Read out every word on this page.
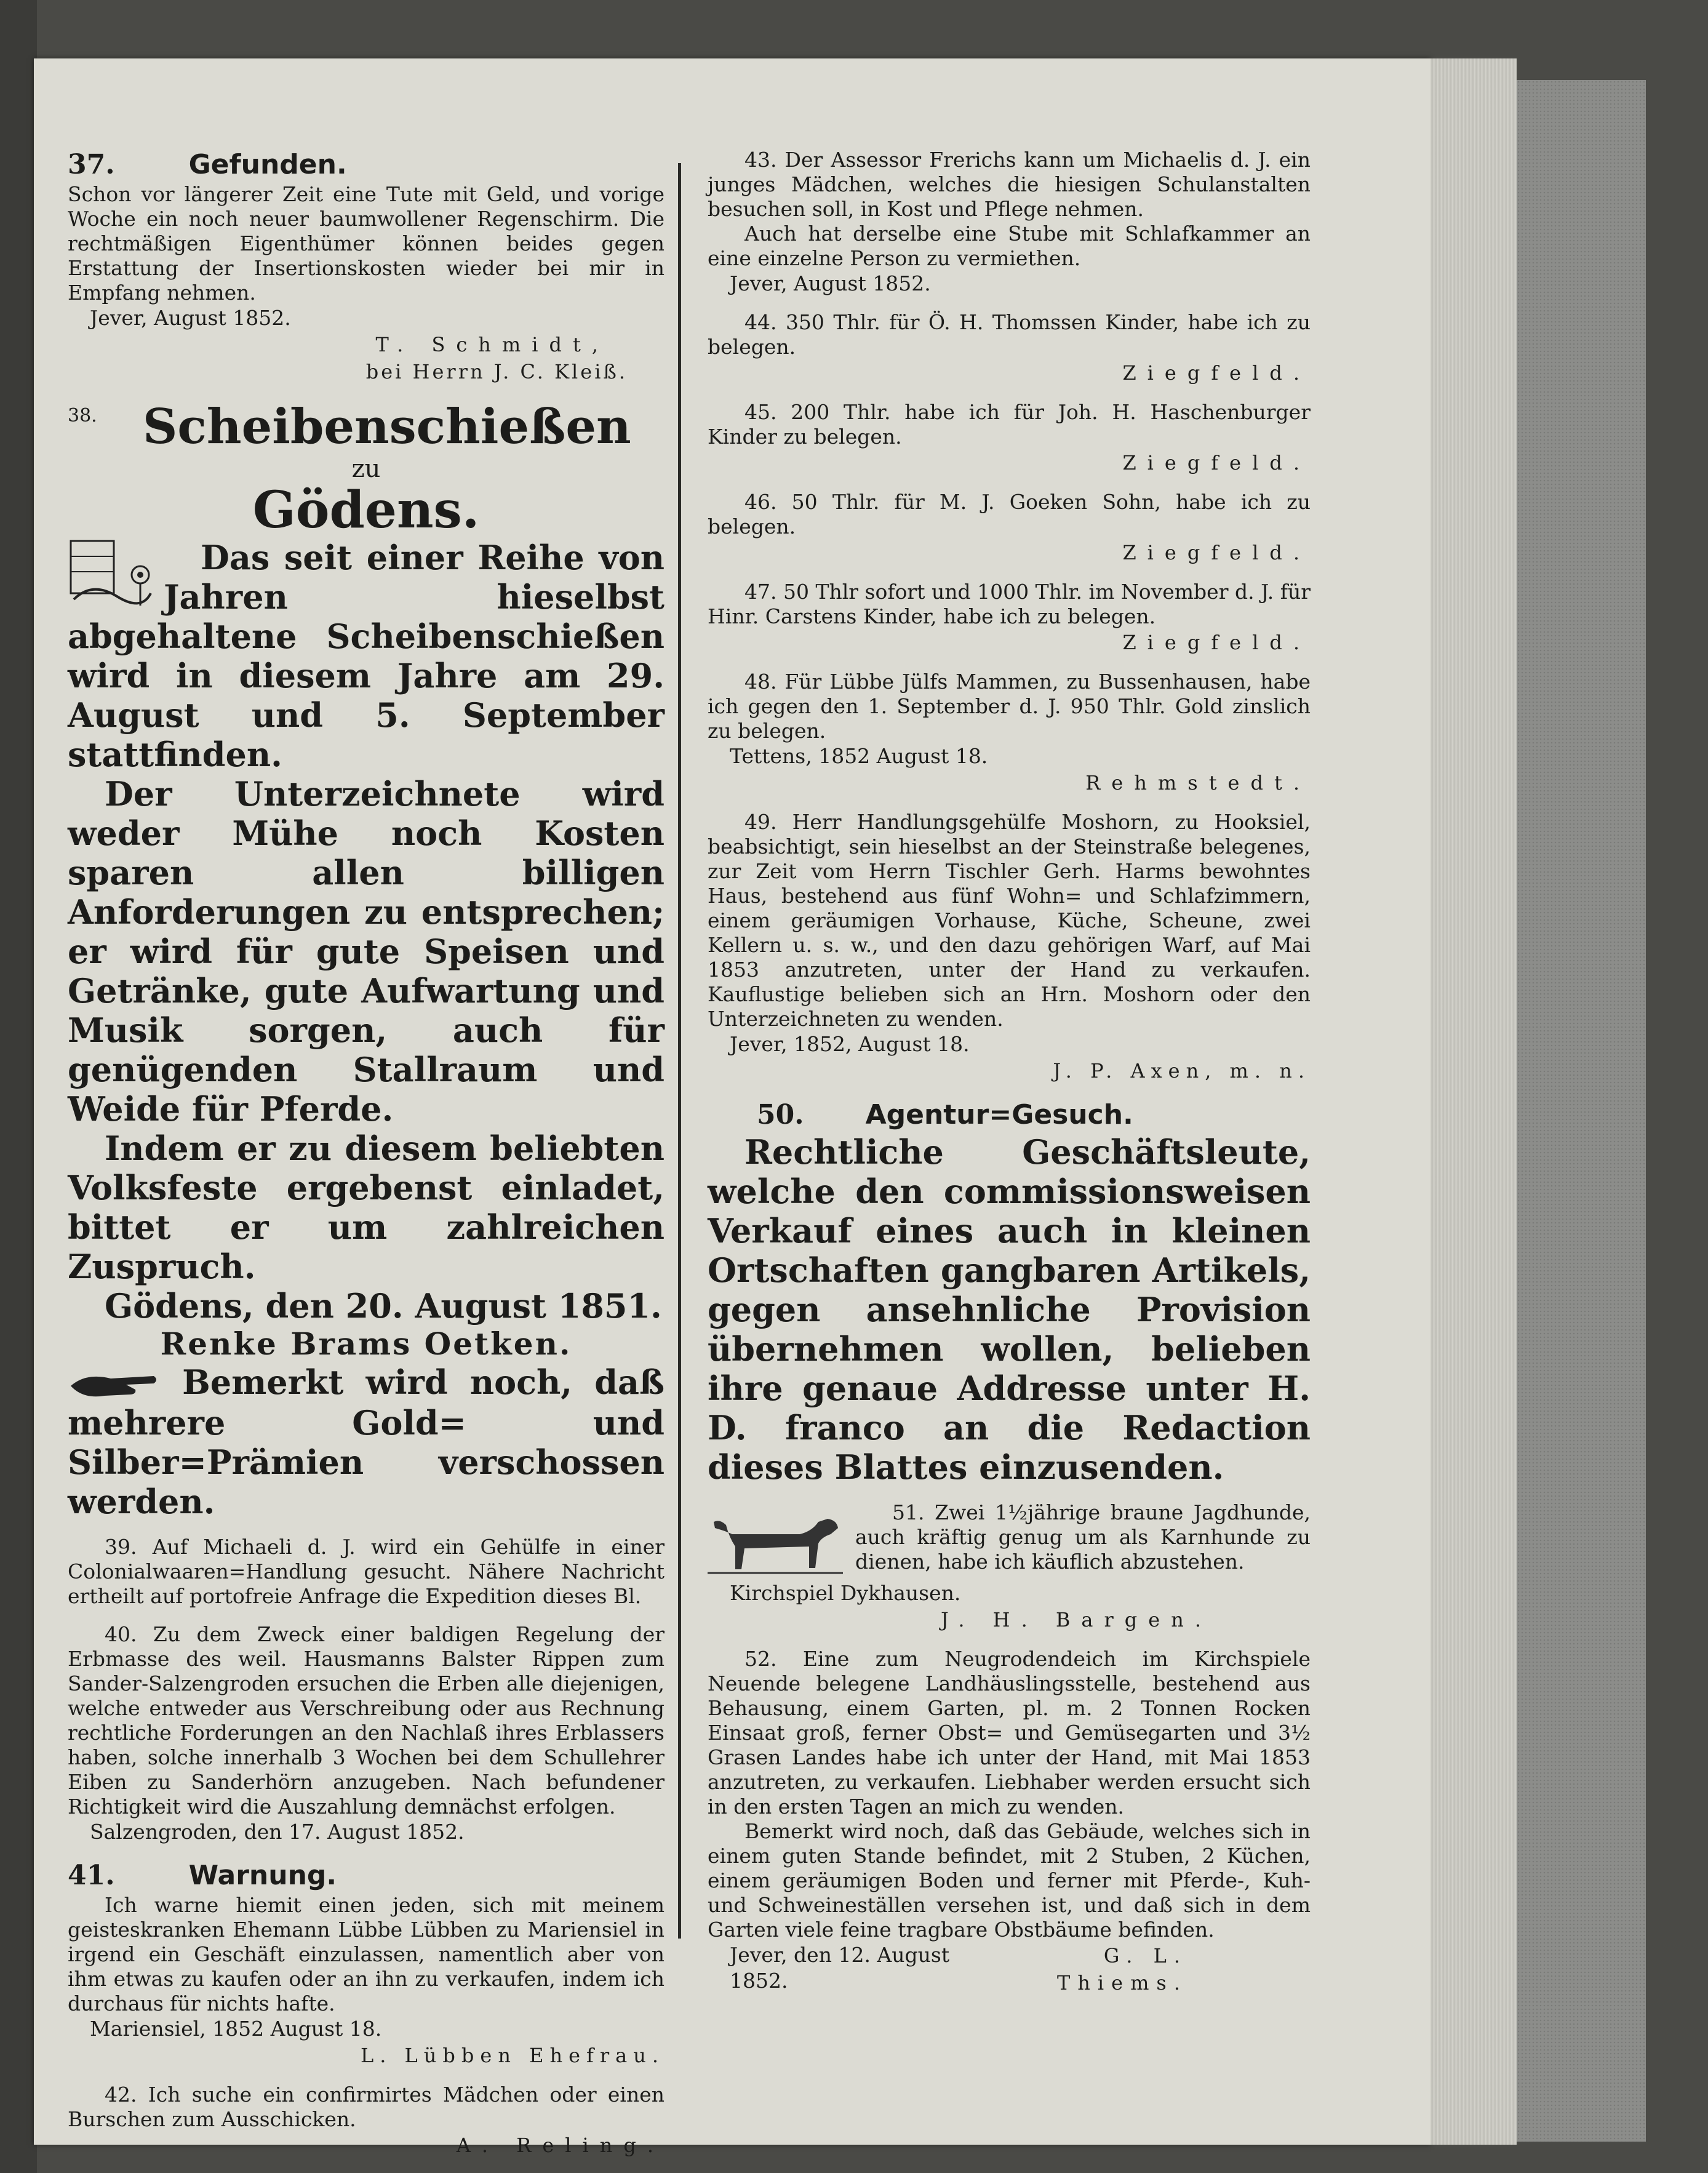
37.	Gefunden.

Schon vor längerer Zeit eine Tute mit Geld, und vorige Woche ein noch neuer baumwollener Regenschirm. Die rechtmäßigen Eigenthümer können beides gegen Erstattung der Insertionskosten wieder bei mir in Empfang nehmen.

Jever, August 1852.
T. Schmidt,
bei Herrn J. C. Kleiß.
38. Scheibenschießen
zu
Gödens.

Das seit einer Reihe von Jahren hieselbst abgehaltene Scheibenschießen wird in diesem Jahre am 29. August und 5. September stattfinden.

Der Unterzeichnete wird weder Mühe noch Kosten sparen allen billigen Anforderungen zu entsprechen; er wird für gute Speisen und Getränke, gute Aufwartung und Musik sorgen, auch für genügenden Stallraum und Weide für Pferde.

Indem er zu diesem beliebten Volksfeste ergebenst einladet, bittet er um zahlreichen Zuspruch.

Gödens, den 20. August 1851.
Renke Brams Oetken.

Bemerkt wird noch, daß mehrere Gold= und Silber=Prämien verschossen werden.

39. Auf Michaeli d. J. wird ein Gehülfe in einer Colonialwaaren=Handlung gesucht. Nähere Nachricht ertheilt auf portofreie Anfrage die Expedition dieses Bl.

40. Zu dem Zweck einer baldigen Regelung der Erbmasse des weil. Hausmanns Balster Rippen zum Sander-Salzengroden ersuchen die Erben alle diejenigen, welche entweder aus Verschreibung oder aus Rechnung rechtliche Forderungen an den Nachlaß ihres Erblassers haben, solche innerhalb 3 Wochen bei dem Schullehrer Eiben zu Sanderhörn anzugeben. Nach befundener Richtigkeit wird die Auszahlung demnächst erfolgen.

Salzengroden, den 17. August 1852.
41.	Warnung.

Ich warne hiemit einen jeden, sich mit meinem geisteskranken Ehemann Lübbe Lübben zu Mariensiel in irgend ein Geschäft einzulassen, namentlich aber von ihm etwas zu kaufen oder an ihn zu verkaufen, indem ich durchaus für nichts hafte.

Mariensiel, 1852 August 18.
L. Lübben Ehefrau.

42. Ich suche ein confirmirtes Mädchen oder einen Burschen zum Ausschicken.

A. Reling.

43. Der Assessor Frerichs kann um Michaelis d. J. ein junges Mädchen, welches die hiesigen Schulanstalten besuchen soll, in Kost und Pflege nehmen.

Auch hat derselbe eine Stube mit Schlafkammer an eine einzelne Person zu vermiethen.

Jever, August 1852.

44. 350 Thlr. für Ö. H. Thomssen Kinder, habe ich zu belegen.

Ziegfeld.

45. 200 Thlr. habe ich für Joh. H. Haschenburger Kinder zu belegen.

Ziegfeld.

46. 50 Thlr. für M. J. Goeken Sohn, habe ich zu belegen.

Ziegfeld.

47. 50 Thlr sofort und 1000 Thlr. im November d. J. für Hinr. Carstens Kinder, habe ich zu belegen.

Ziegfeld.

48. Für Lübbe Jülfs Mammen, zu Bussenhausen, habe ich gegen den 1. September d. J. 950 Thlr. Gold zinslich zu belegen.

Tettens, 1852 August 18.
Rehmstedt.

49. Herr Handlungsgehülfe Moshorn, zu Hooksiel, beabsichtigt, sein hieselbst an der Steinstraße belegenes, zur Zeit vom Herrn Tischler Gerh. Harms bewohntes Haus, bestehend aus fünf Wohn= und Schlafzimmern, einem geräumigen Vorhause, Küche, Scheune, zwei Kellern u. s. w., und den dazu gehörigen Warf, auf Mai 1853 anzutreten, unter der Hand zu verkaufen. Kauflustige belieben sich an Hrn. Moshorn oder den Unterzeichneten zu wenden.

Jever, 1852, August 18.
J. P. Axen, m. n.
50. Agentur=Gesuch.

Rechtliche Geschäftsleute, welche den commissionsweisen Verkauf eines auch in kleinen Ortschaften gangbaren Artikels, gegen ansehnliche Provision übernehmen wollen, belieben ihre genaue Addresse unter H. D. franco an die Redaction dieses Blattes einzusenden.

51. Zwei 1½jährige braune Jagdhunde, auch kräftig genug um als Karnhunde zu dienen, habe ich käuflich abzustehen.

Kirchspiel Dykhausen.
J. H. Bargen.

52. Eine zum Neugrodendeich im Kirchspiele Neuende belegene Landhäuslingsstelle, bestehend aus Behausung, einem Garten, pl. m. 2 Tonnen Rocken Einsaat groß, ferner Obst= und Gemüsegarten und 3½ Grasen Landes habe ich unter der Hand, mit Mai 1853 anzutreten, zu verkaufen. Liebhaber werden ersucht sich in den ersten Tagen an mich zu wenden.

Bemerkt wird noch, daß das Gebäude, welches sich in einem guten Stande befindet, mit 2 Stuben, 2 Küchen, einem geräumigen Boden und ferner mit Pferde-, Kuh- und Schweineställen versehen ist, und daß sich in dem Garten viele feine tragbare Obstbäume befinden.

Jever, den 12. August 1852.
G. L. Thiems.
